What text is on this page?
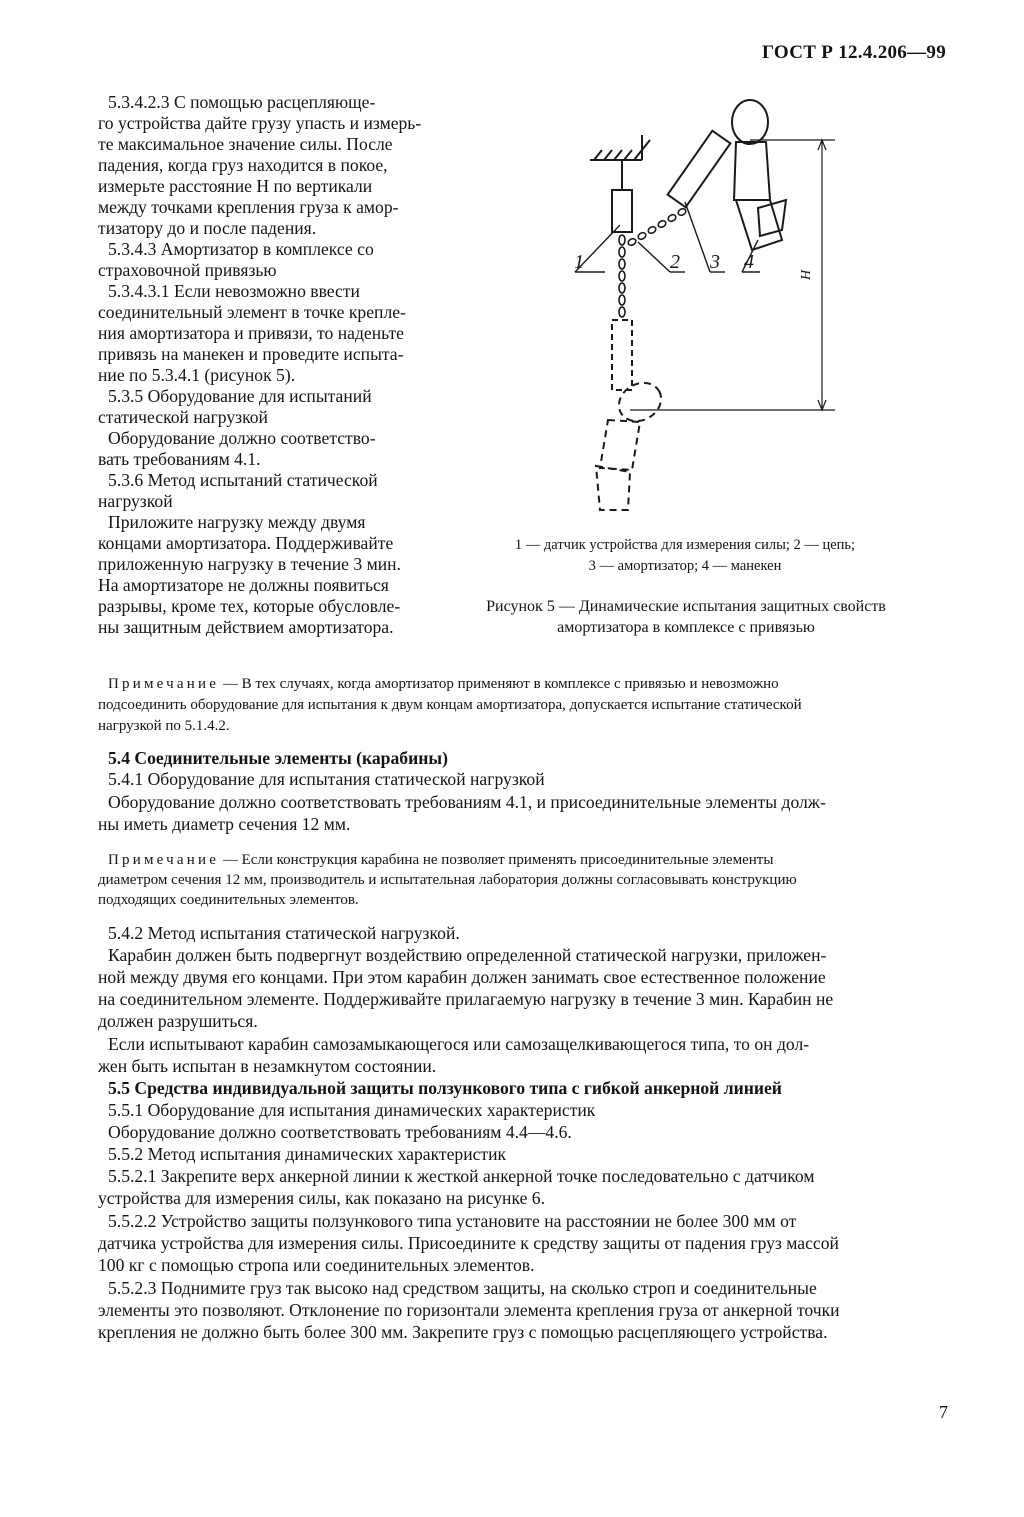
ГОСТ Р 12.4.206—99
5.3.4.2.3 С помощью расцепляюще-
го устройства дайте грузу упасть и измерь-
те максимальное значение силы. После
падения, когда груз находится в покое,
измерьте расстояние H по вертикали
между точками крепления груза к амор-
тизатору до и после падения.
5.3.4.3 Амортизатор в комплексе со
страховочной привязью
5.3.4.3.1 Если невозможно ввести
соединительный элемент в точке крепле-
ния амортизатора и привязи, то наденьте
привязь на манекен и проведите испыта-
ние по 5.3.4.1 (рисунок 5).
5.3.5 Оборудование для испытаний
статической нагрузкой
Оборудование должно соответство-
вать требованиям 4.1.
5.3.6 Метод испытаний статической
нагрузкой
Приложите нагрузку между двумя
концами амортизатора. Поддерживайте
приложенную нагрузку в течение 3 мин.
На амортизаторе не должны появиться
разрывы, кроме тех, которые обусловле-
ны защитным действием амортизатора.
1	2 3 4
H
1 — датчик устройства для измерения силы; 2 — цепь;
3 — амортизатор; 4 — манекен
Рисунок 5 — Динамические испытания защитных свойств
амортизатора в комплексе с привязью
Примечание — В тех случаях, когда амортизатор применяют в комплексе с привязью и невозможно
подсоединить оборудование для испытания к двум концам амортизатора, допускается испытание статической
нагрузкой по 5.1.4.2.
5.4 Соединительные элементы (карабины)
5.4.1 Оборудование для испытания статической нагрузкой
Оборудование должно соответствовать требованиям 4.1, и присоединительные элементы долж-
ны иметь диаметр сечения 12 мм.
Примечание — Если конструкция карабина не позволяет применять присоединительные элементы
диаметром сечения 12 мм, производитель и испытательная лаборатория должны согласовывать конструкцию
подходящих соединительных элементов.
5.4.2 Метод испытания статической нагрузкой.
Карабин должен быть подвергнут воздействию определенной статической нагрузки, приложен-
ной между двумя его концами. При этом карабин должен занимать свое естественное положение
на соединительном элементе. Поддерживайте прилагаемую нагрузку в течение 3 мин. Карабин не
должен разрушиться.
Если испытывают карабин самозамыкающегося или самозащелкивающегося типа, то он дол-
жен быть испытан в незамкнутом состоянии.
5.5 Средства индивидуальной защиты ползункового типа с гибкой анкерной линией
5.5.1 Оборудование для испытания динамических характеристик
Оборудование должно соответствовать требованиям 4.4—4.6.
5.5.2 Метод испытания динамических характеристик
5.5.2.1 Закрепите верх анкерной линии к жесткой анкерной точке последовательно с датчиком
устройства для измерения силы, как показано на рисунке 6.
5.5.2.2 Устройство защиты ползункового типа установите на расстоянии не более 300 мм от
датчика устройства для измерения силы. Присоедините к средству защиты от падения груз массой
100 кг с помощью стропа или соединительных элементов.
5.5.2.3 Поднимите груз так высоко над средством защиты, на сколько строп и соединительные
элементы это позволяют. Отклонение по горизонтали элемента крепления груза от анкерной точки
крепления не должно быть более 300 мм. Закрепите груз с помощью расцепляющего устройства.
7
